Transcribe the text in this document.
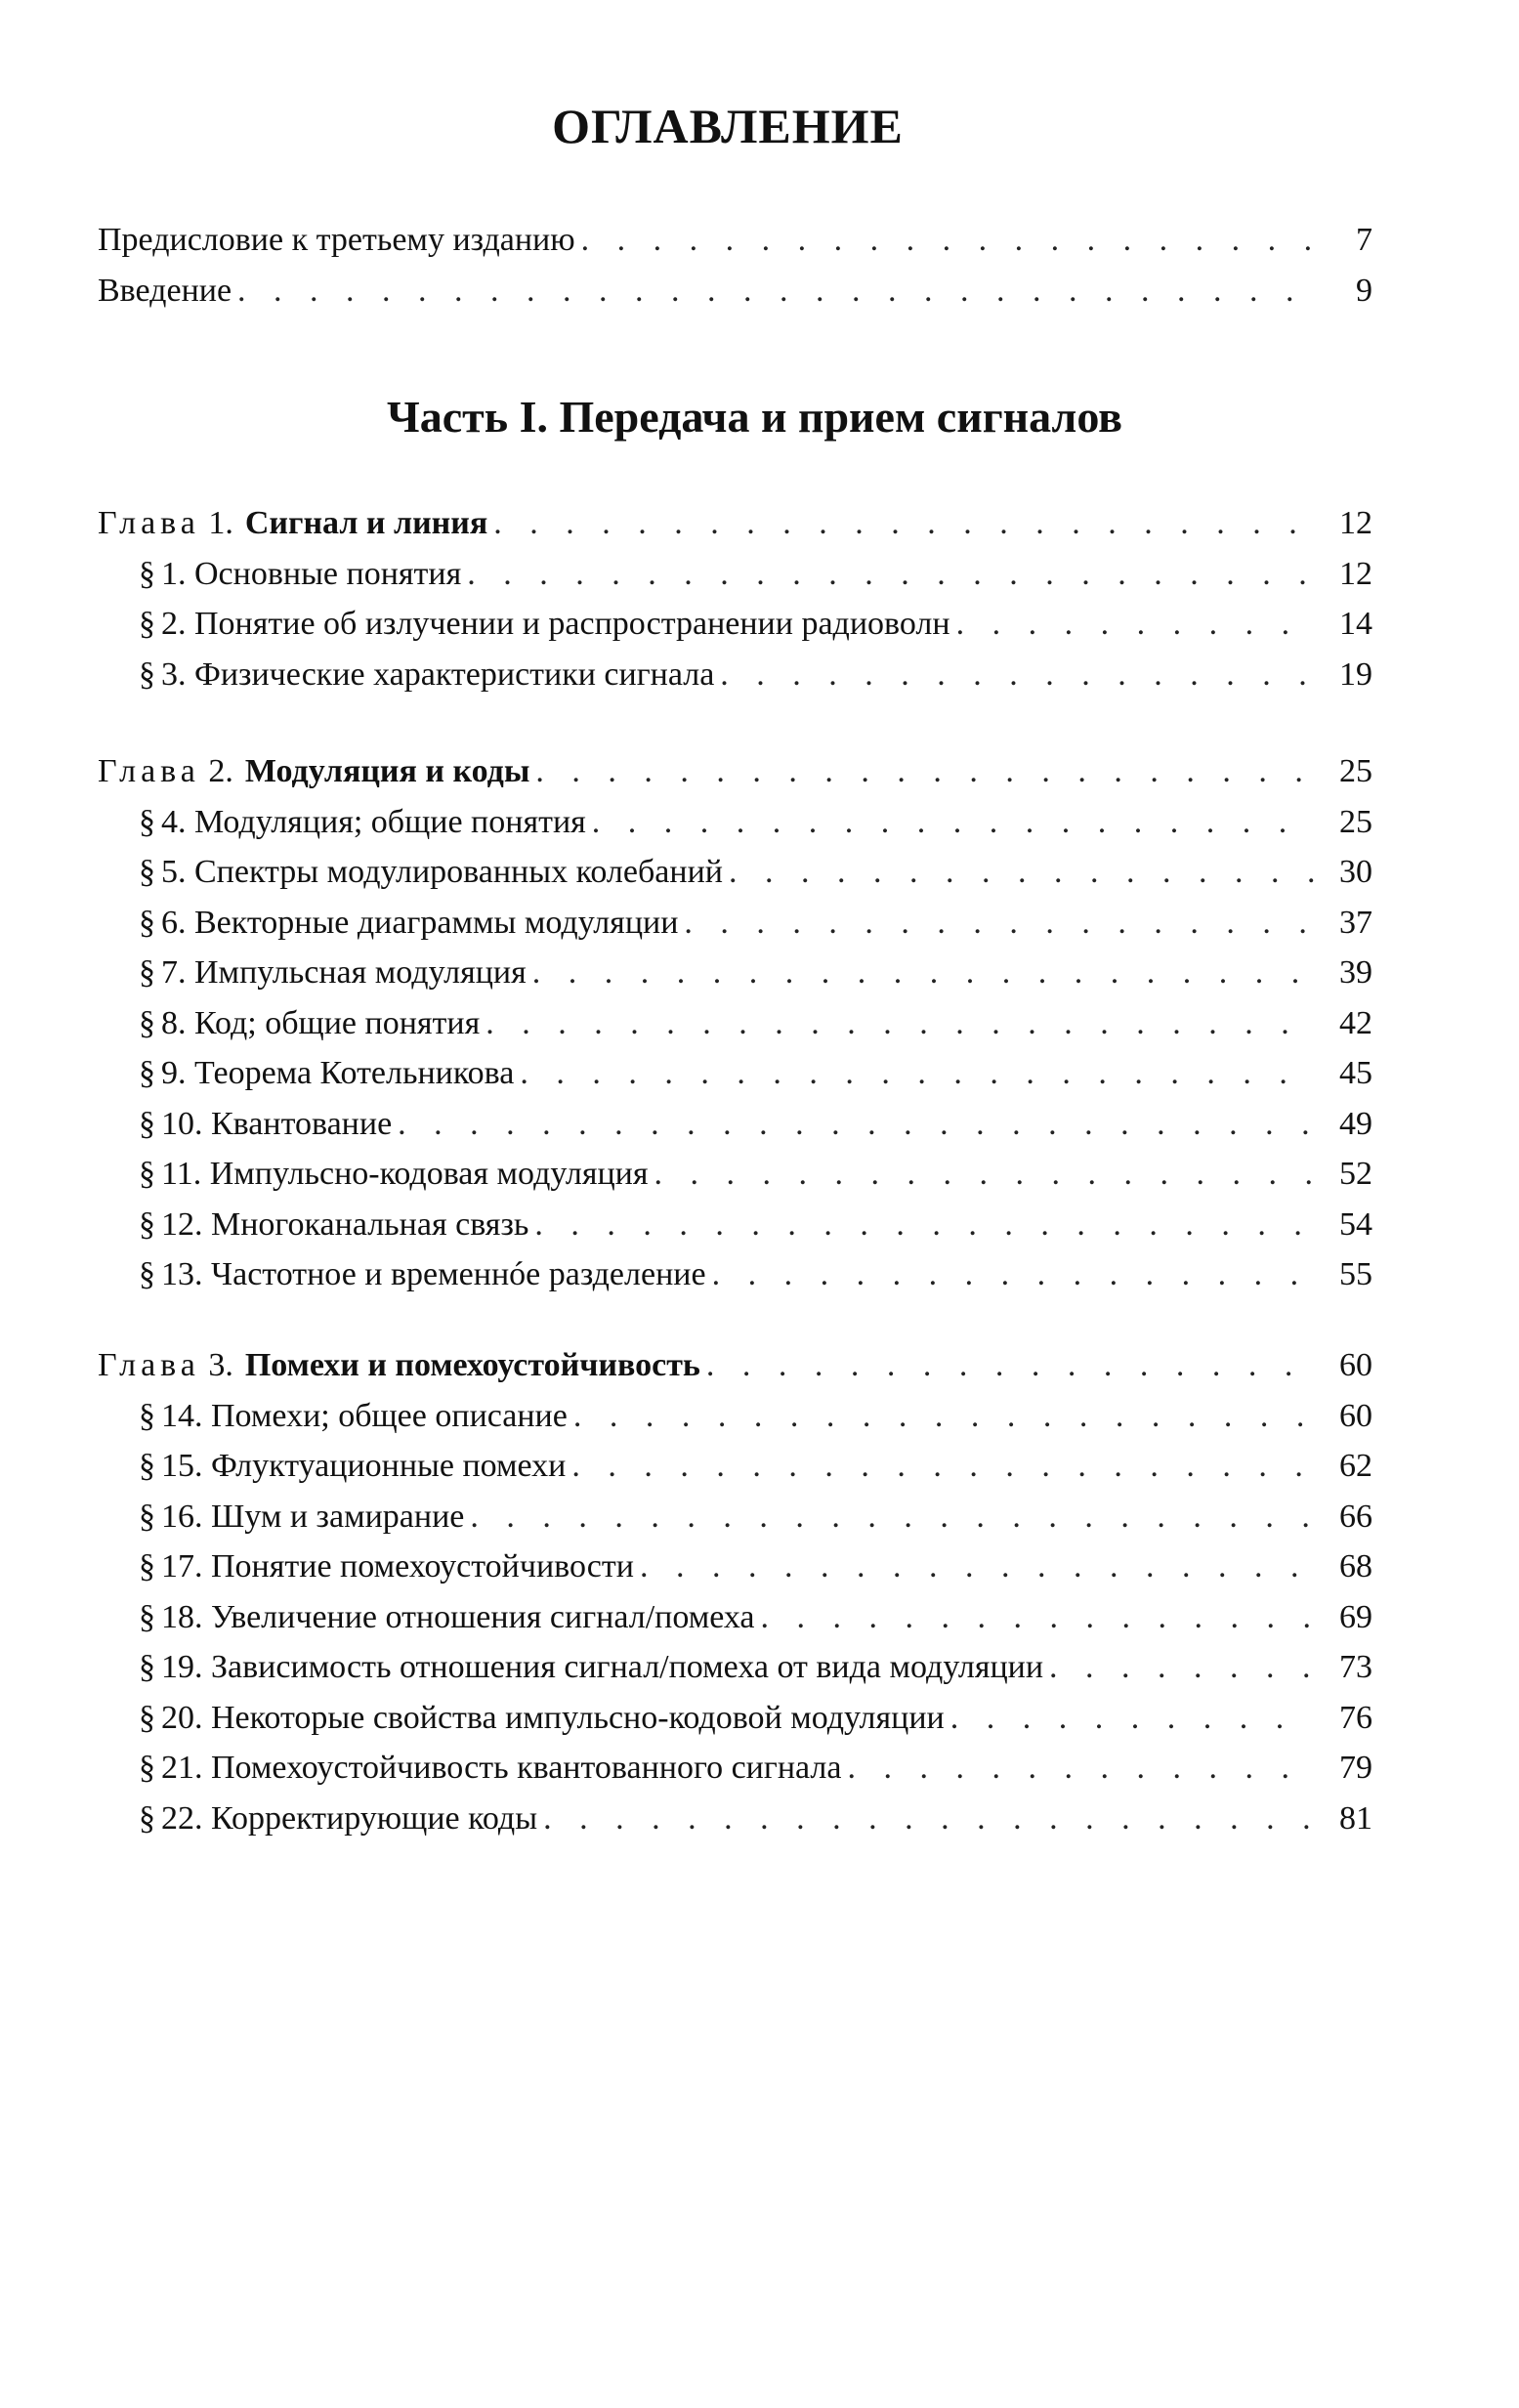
ОГЛАВЛЕНИЕ
Предисловие к третьему изданию . . .	7
Введение . . .	9
Часть I. Передача и прием сигналов
Глава 1. Сигнал и линия . . .	12
§ 1. Основные понятия . . .	12
§ 2. Понятие об излучении и распространении радиоволн . . .	14
§ 3. Физические характеристики сигнала . . .	19
Глава 2. Модуляция и коды . . .	25
§ 4. Модуляция; общие понятия . . .	25
§ 5. Спектры модулированных колебаний . . .	30
§ 6. Векторные диаграммы модуляции . . .	37
§ 7. Импульсная модуляция . . .	39
§ 8. Код; общие понятия . . .	42
§ 9. Теорема Котельникова . . .	45
§ 10. Квантование . . .	49
§ 11. Импульсно-кодовая модуляция . . .	52
§ 12. Многоканальная связь . . .	54
§ 13. Частотное и временнóе разделение . . .	55
Глава 3. Помехи и помехоустойчивость . . .	60
§ 14. Помехи; общее описание . . .	60
§ 15. Флуктуационные помехи . . .	62
§ 16. Шум и замирание . . .	66
§ 17. Понятие помехоустойчивости . . .	68
§ 18. Увеличение отношения сигнал/помеха . . .	69
§ 19. Зависимость отношения сигнал/помеха от вида модуляции . . .	73
§ 20. Некоторые свойства импульсно-кодовой модуляции . . .	76
§ 21. Помехоустойчивость квантованного сигнала . . .	79
§ 22. Корректирующие коды . . .	81
